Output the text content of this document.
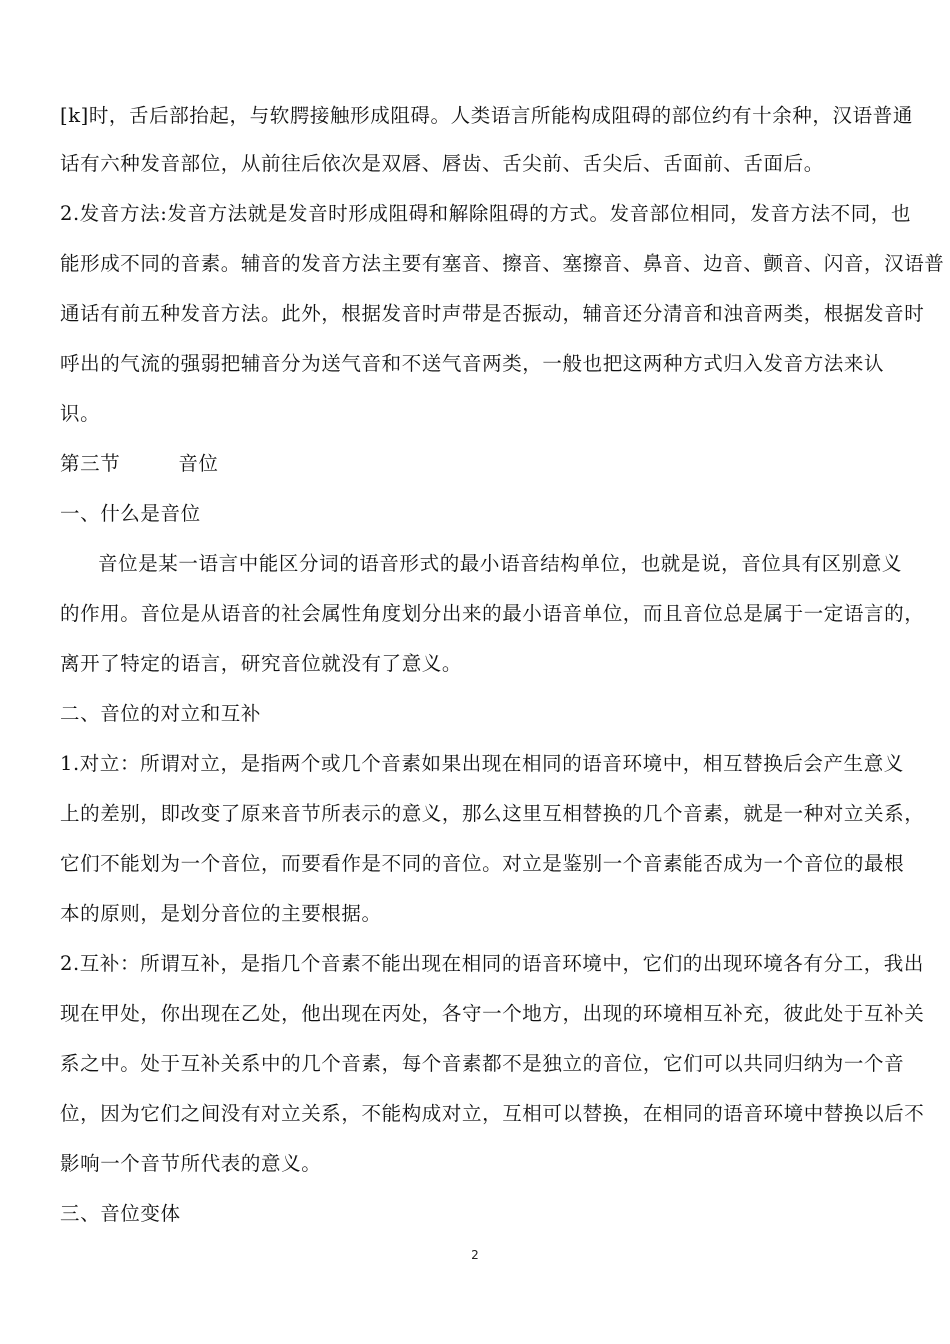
[k]时，舌后部抬起，与软腭接触形成阻碍。人类语言所能构成阻碍的部位约有十余种，汉语普通
话有六种发音部位，从前往后依次是双唇、唇齿、舌尖前、舌尖后、舌面前、舌面后。
2.发音方法:发音方法就是发音时形成阻碍和解除阻碍的方式。发音部位相同，发音方法不同，也
能形成不同的音素。辅音的发音方法主要有塞音、擦音、塞擦音、鼻音、边音、颤音、闪音，汉语普
通话有前五种发音方法。此外，根据发音时声带是否振动，辅音还分清音和浊音两类，根据发音时
呼出的气流的强弱把辅音分为送气音和不送气音两类，一般也把这两种方式归入发音方法来认
识。
第三节	音位
一、什么是音位
音位是某一语言中能区分词的语音形式的最小语音结构单位，也就是说，音位具有区别意义
的作用。音位是从语音的社会属性角度划分出来的最小语音单位，而且音位总是属于一定语言的，
离开了特定的语言，研究音位就没有了意义。
二、音位的对立和互补
1.对立：所谓对立，是指两个或几个音素如果出现在相同的语音环境中，相互替换后会产生意义
上的差别，即改变了原来音节所表示的意义，那么这里互相替换的几个音素，就是一种对立关系，
它们不能划为一个音位，而要看作是不同的音位。对立是鉴别一个音素能否成为一个音位的最根
本的原则，是划分音位的主要根据。
2.互补：所谓互补，是指几个音素不能出现在相同的语音环境中，它们的出现环境各有分工，我出
现在甲处，你出现在乙处，他出现在丙处，各守一个地方，出现的环境相互补充，彼此处于互补关
系之中。处于互补关系中的几个音素，每个音素都不是独立的音位，它们可以共同归纳为一个音
位，因为它们之间没有对立关系，不能构成对立，互相可以替换，在相同的语音环境中替换以后不
影响一个音节所代表的意义。
三、音位变体
2
